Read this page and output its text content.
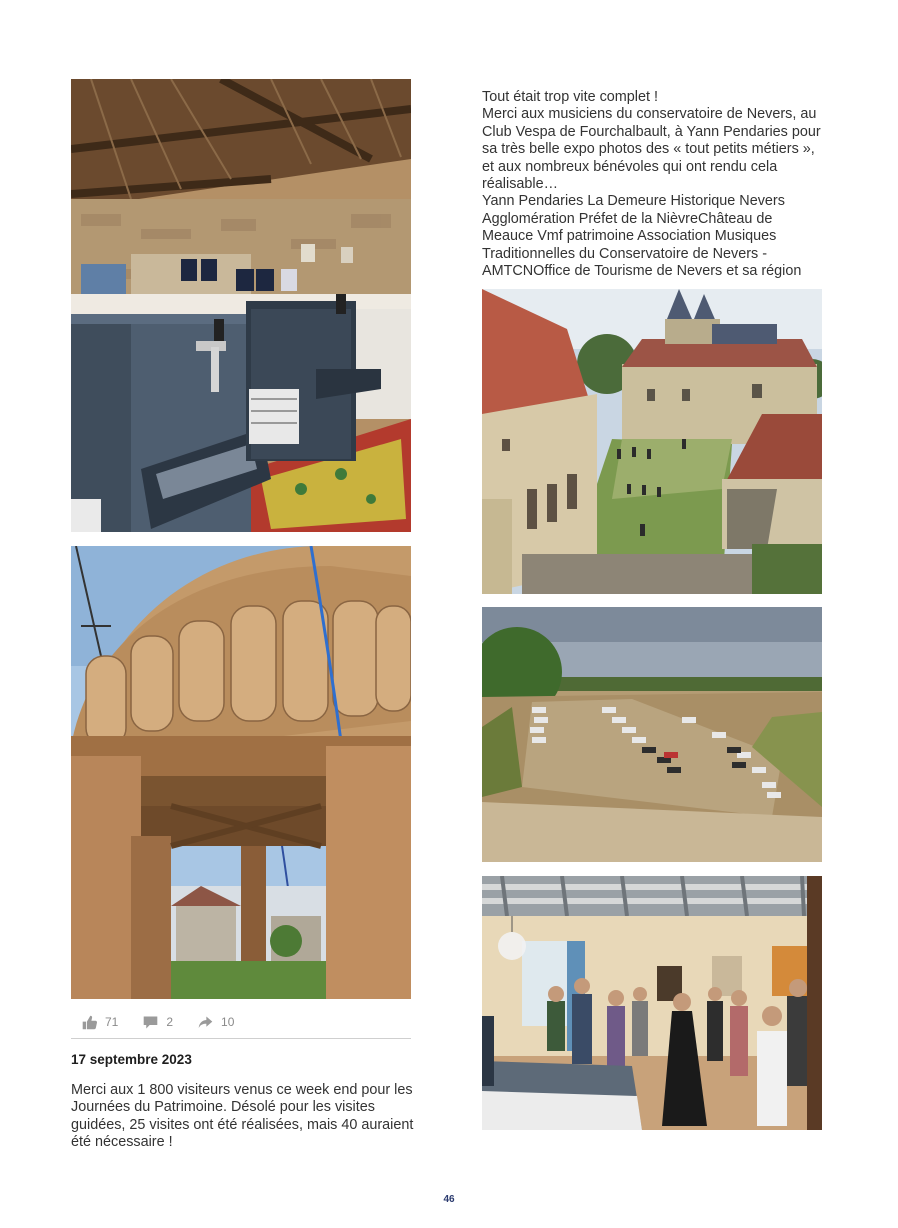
71	2	10
17 septembre 2023
Merci aux 1 800 visiteurs venus ce week end pour les Journées du Patrimoine. Désolé pour les visites guidées, 25 visites ont été réalisées, mais 40 auraient été nécessaire !

Tout était trop vite complet !

Merci aux musiciens du conservatoire de Nevers, au Club Vespa de Fourchalbault, à Yann Pendaries pour sa très belle expo photos des « tout petits métiers », et aux nombreux bénévoles qui ont rendu cela réalisable…

Yann Pendaries La Demeure Historique Nevers Agglomération Préfet de la NièvreChâteau de Meauce Vmf patrimoine Association Musiques Traditionnelles du Conservatoire de Nevers - AMTCNOffice de Tourisme de Nevers et sa région

46
